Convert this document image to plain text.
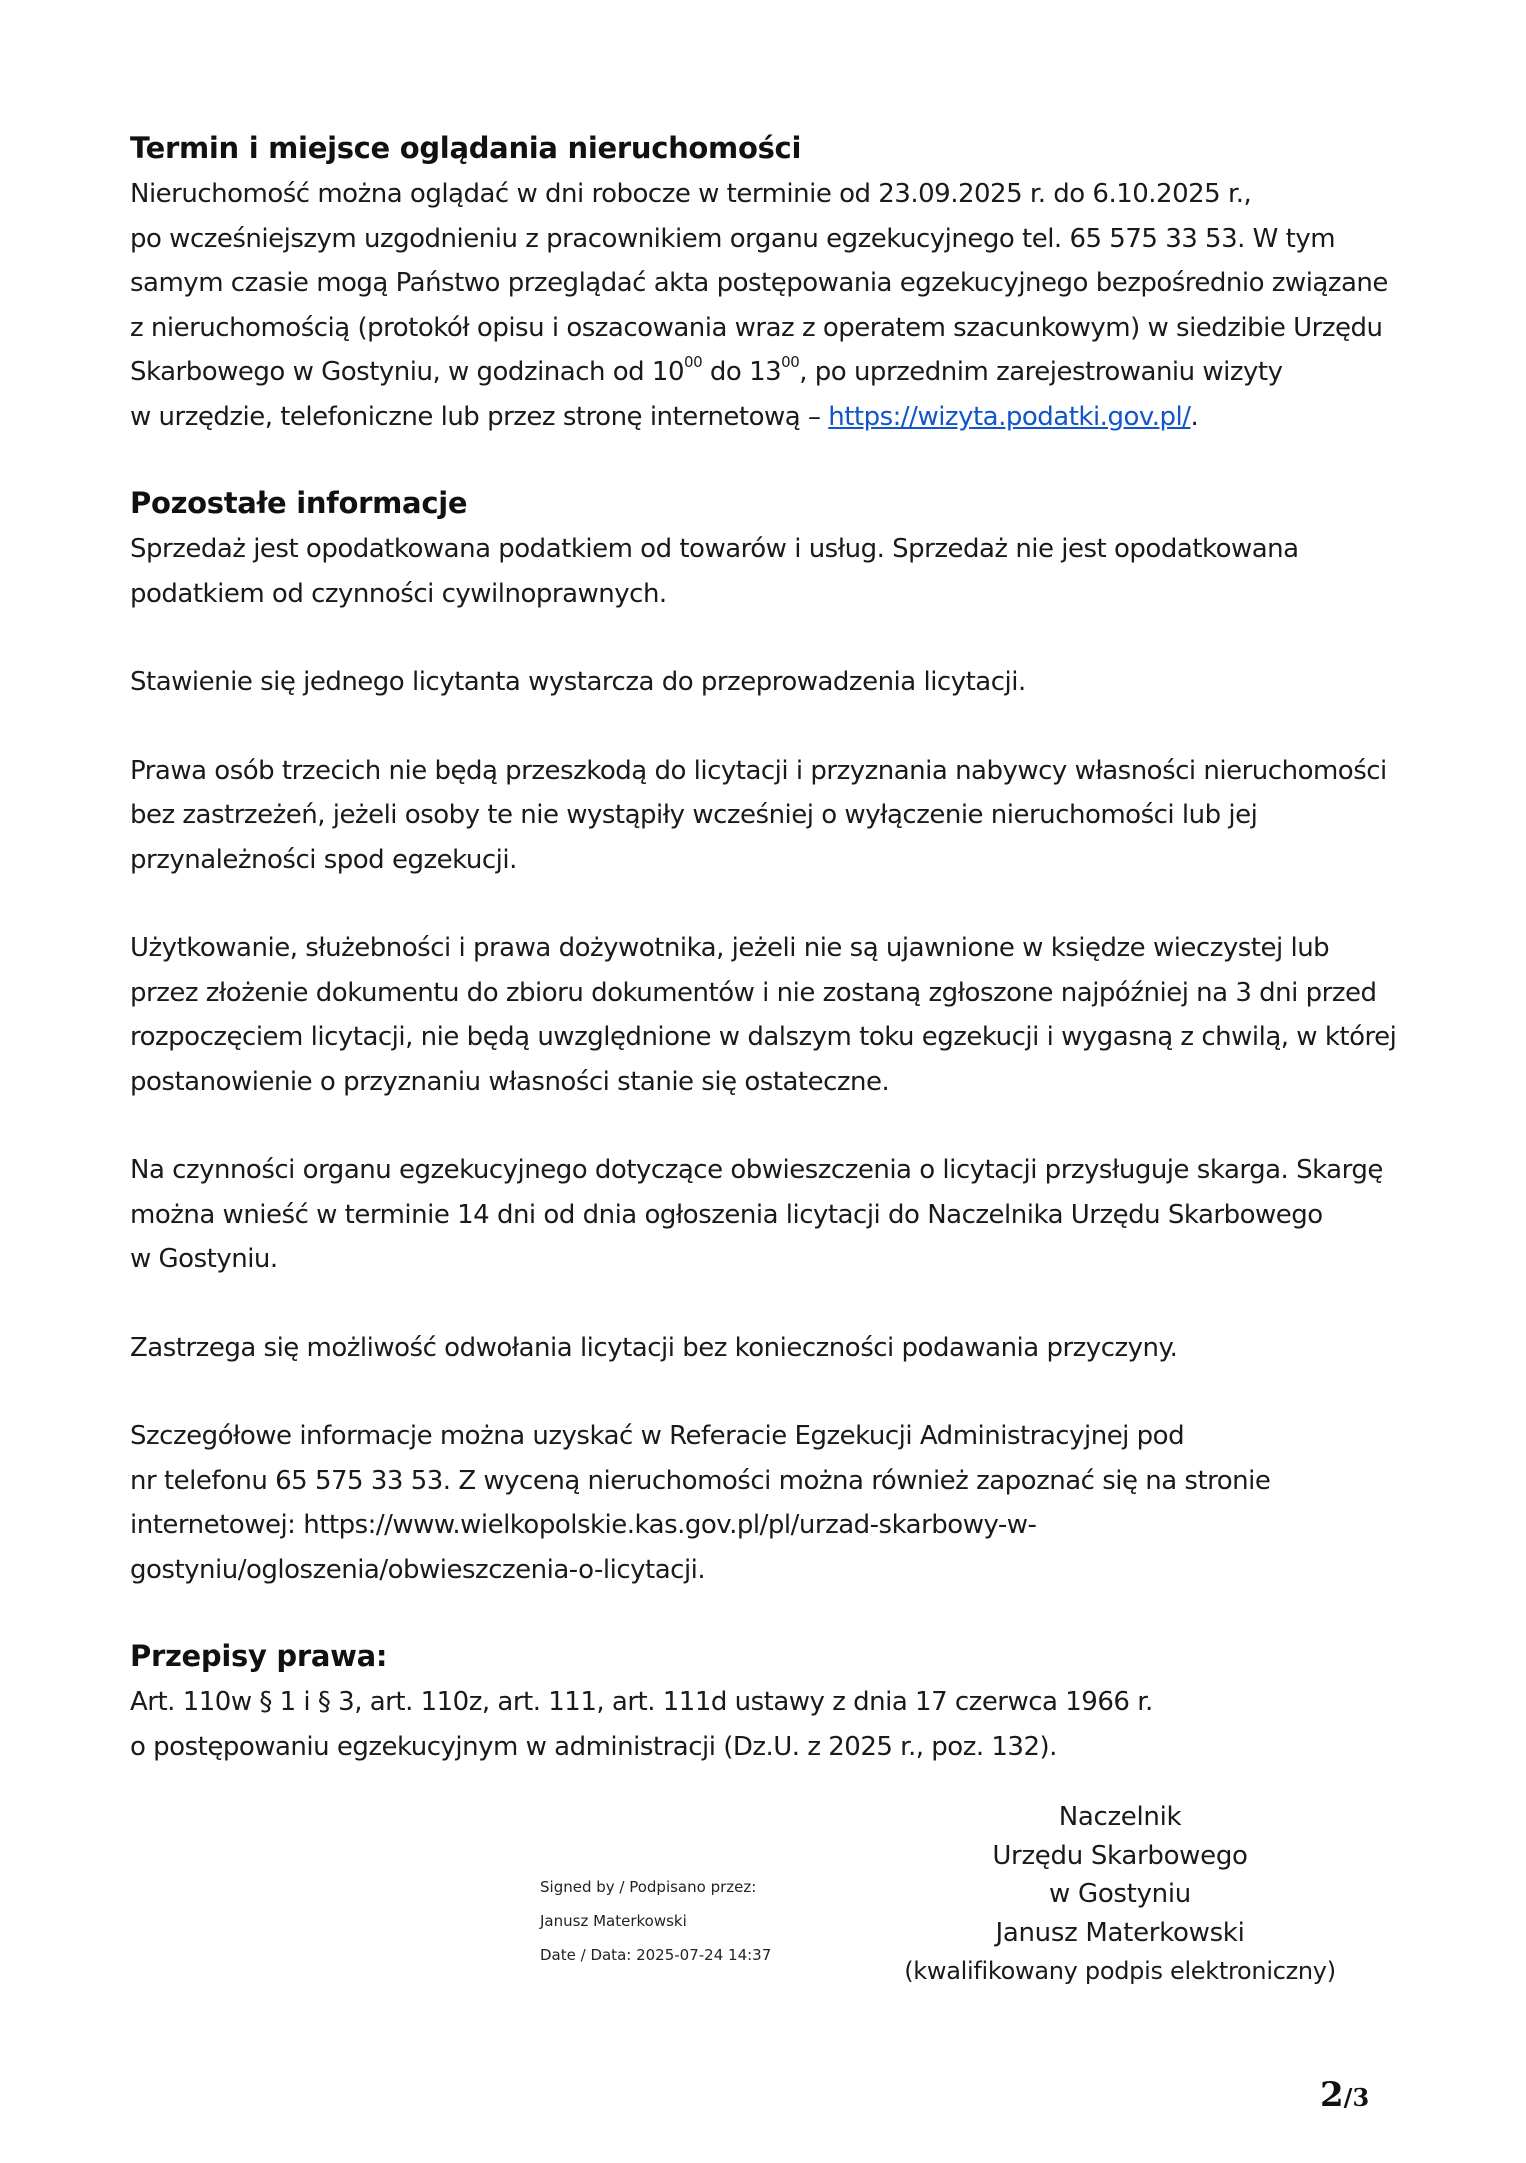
Termin i miejsce oglądania nieruchomości

Nieruchomość można oglądać w dni robocze w terminie od 23.09.2025 r. do 6.10.2025 r.,

po wcześniejszym uzgodnieniu z pracownikiem organu egzekucyjnego tel. 65 575 33 53. W tym

samym czasie mogą Państwo przeglądać akta postępowania egzekucyjnego bezpośrednio związane

z nieruchomością (protokół opisu i oszacowania wraz z operatem szacunkowym) w siedzibie Urzędu

Skarbowego w Gostyniu, w godzinach od $10^{00}$ do $13^{00}$, po uprzednim zarejestrowaniu wizyty

w urzędzie, telefoniczne lub przez stronę internetową – https://wizyta.podatki.gov.pl/.

Pozostałe informacje

Sprzedaż jest opodatkowana podatkiem od towarów i usług. Sprzedaż nie jest opodatkowana

podatkiem od czynności cywilnoprawnych.

Stawienie się jednego licytanta wystarcza do przeprowadzenia licytacji.

Prawa osób trzecich nie będą przeszkodą do licytacji i przyznania nabywcy własności nieruchomości

bez zastrzeżeń, jeżeli osoby te nie wystąpiły wcześniej o wyłączenie nieruchomości lub jej

przynależności spod egzekucji.

Użytkowanie, służebności i prawa dożywotnika, jeżeli nie są ujawnione w księdze wieczystej lub

przez złożenie dokumentu do zbioru dokumentów i nie zostaną zgłoszone najpóźniej na 3 dni przed

rozpoczęciem licytacji, nie będą uwzględnione w dalszym toku egzekucji i wygasną z chwilą, w której

postanowienie o przyznaniu własności stanie się ostateczne.

Na czynności organu egzekucyjnego dotyczące obwieszczenia o licytacji przysługuje skarga. Skargę

można wnieść w terminie 14 dni od dnia ogłoszenia licytacji do Naczelnika Urzędu Skarbowego

w Gostyniu.

Zastrzega się możliwość odwołania licytacji bez konieczności podawania przyczyny.

Szczegółowe informacje można uzyskać w Referacie Egzekucji Administracyjnej pod

nr telefonu 65 575 33 53. Z wyceną nieruchomości można również zapoznać się na stronie

internetowej: https://www.wielkopolskie.kas.gov.pl/pl/urzad-skarbowy-w-

gostyniu/ogloszenia/obwieszczenia-o-licytacji.

Przepisy prawa:

Art. 110w § 1 i § 3, art. 110z, art. 111, art. 111d ustawy z dnia 17 czerwca 1966 r.

o postępowaniu egzekucyjnym w administracji (Dz.U. z 2025 r., poz. 132).

Signed by / Podpisano przez:
Janusz Materkowski
Date / Data: 2025-07-24 14:37
Naczelnik
Urzędu Skarbowego
w Gostyniu
Janusz Materkowski
(kwalifikowany podpis elektroniczny)
2/3
